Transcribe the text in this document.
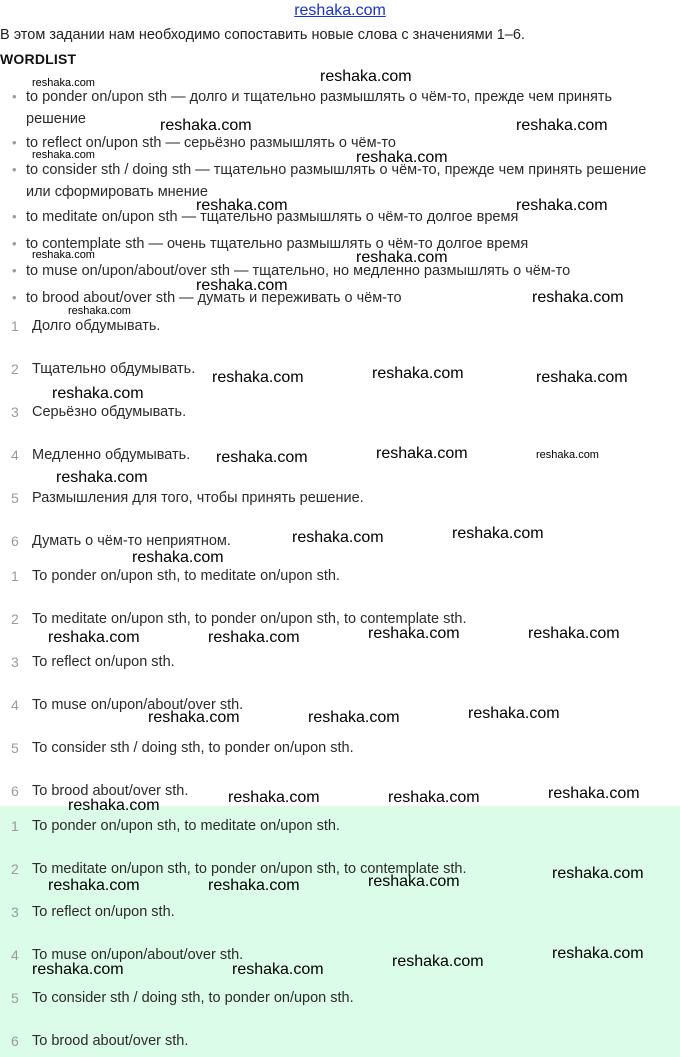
reshaka.com
В этом задании нам необходимо сопоставить новые слова с значениями 1–6.
WORDLIST
• to ponder on/upon sth — долго и тщательно размышлять о чём-то, прежде чем принять решение
• to reflect on/upon sth — серьёзно размышлять о чём-то
• to consider sth / doing sth — тщательно размышлять о чём-то, прежде чем принять решение или сформировать мнение
• to meditate on/upon sth — тщательно размышлять о чём-то долгое время
• to contemplate sth — очень тщательно размышлять о чём-то долгое время
• to muse on/upon/about/over sth — тщательно, но медленно размышлять о чём-то
• to brood about/over sth — думать и переживать о чём-то
1 Долго обдумывать.
2 Тщательно обдумывать.
3 Серьёзно обдумывать.
4 Медленно обдумывать.
5 Размышления для того, чтобы принять решение.
6 Думать о чём-то неприятном.
1 To ponder on/upon sth, to meditate on/upon sth.
2 To meditate on/upon sth, to ponder on/upon sth, to contemplate sth.
3 To reflect on/upon sth.
4 To muse on/upon/about/over sth.
5 To consider sth / doing sth, to ponder on/upon sth.
6 To brood about/over sth.
1 To ponder on/upon sth, to meditate on/upon sth.
2 To meditate on/upon sth, to ponder on/upon sth, to contemplate sth.
3 To reflect on/upon sth.
4 To muse on/upon/about/over sth.
5 To consider sth / doing sth, to ponder on/upon sth.
6 To brood about/over sth.
reshaka.com	reshaka.com
reshaka.com	reshaka.com
reshaka.com	reshaka.com
reshaka.com	reshaka.com
reshaka.com	reshaka.com
reshaka.com
reshaka.com
reshaka.com
reshaka.com	reshaka.com	reshaka.com
reshaka.com
reshaka.com	reshaka.com	reshaka.com
reshaka.com
reshaka.com	reshaka.com
reshaka.com
reshaka.com	reshaka.com	reshaka.com	reshaka.com
reshaka.com	reshaka.com	reshaka.com
reshaka.com	reshaka.com	reshaka.com
reshaka.com
reshaka.com	reshaka.com	reshaka.com	reshaka.com
reshaka.com	reshaka.com	reshaka.com	reshaka.com
